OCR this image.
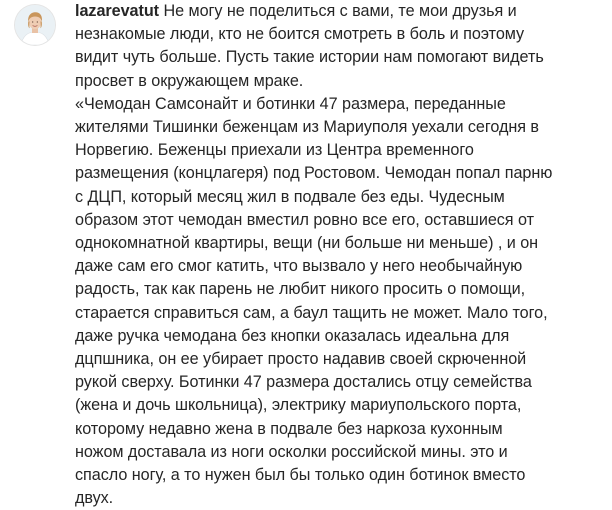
lazarevatut Не могу не поделиться с вами, те мои друзья и
незнакомые люди, кто не боится смотреть в боль и поэтому
видит чуть больше. Пусть такие истории нам помогают видеть
просвет в окружающем мраке.
«Чемодан Самсонайт и ботинки 47 размера, переданные
жителями Тишинки беженцам из Мариуполя уехали сегодня в
Норвегию. Беженцы приехали из Центра временного
размещения (концлагеря) под Ростовом. Чемодан попал парню
с ДЦП, который месяц жил в подвале без еды. Чудесным
образом этот чемодан вместил ровно все его, оставшиеся от
однокомнатной квартиры, вещи (ни больше ни меньше) , и он
даже сам его смог катить, что вызвало у него необычайную
радость, так как парень не любит никого просить о помощи,
старается справиться сам, а баул тащить не может. Мало того,
даже ручка чемодана без кнопки оказалась идеальна для
дцпшника, он ее убирает просто надавив своей скрюченной
рукой сверху. Ботинки 47 размера достались отцу семейства
(жена и дочь школьница), электрику мариупольского порта,
которому недавно жена в подвале без наркоза кухонным
ножом доставала из ноги осколки российской мины. это и
спасло ногу, а то нужен был бы только один ботинок вместо
двух.
